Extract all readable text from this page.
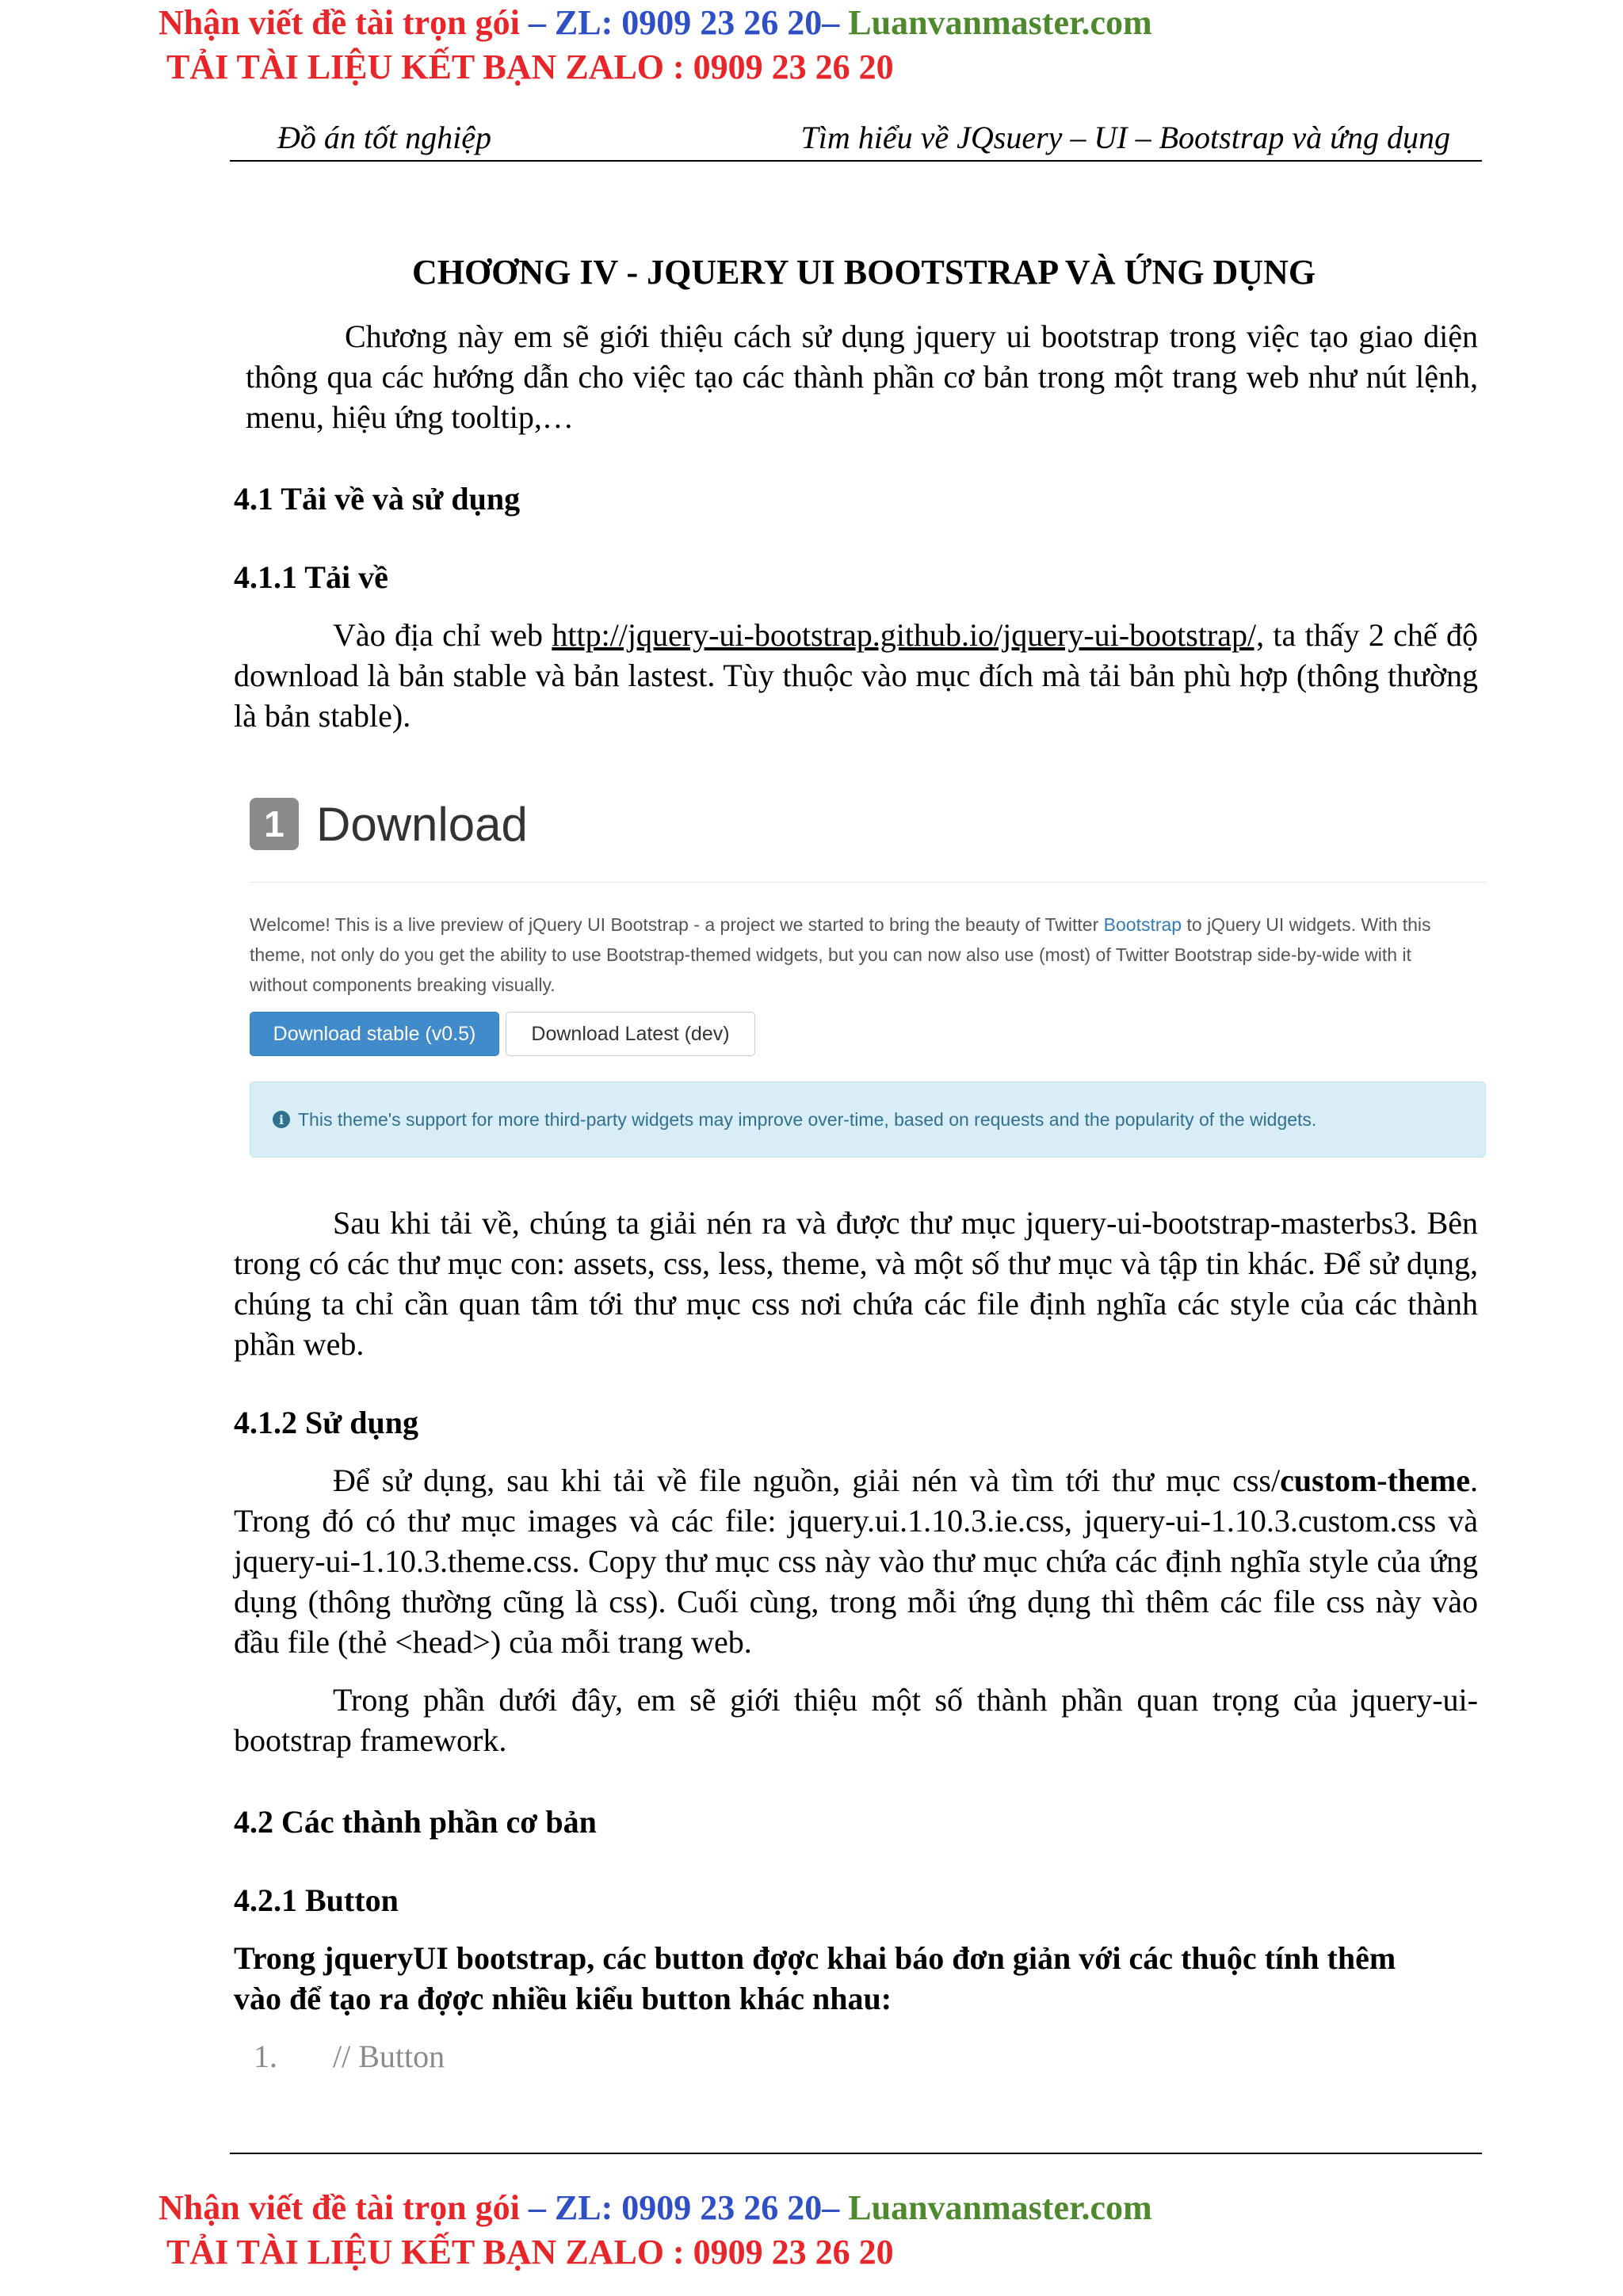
Nhận viết đề tài trọn gói – ZL: 0909 23 26 20– Luanvanmaster.com
TẢI TÀI LIỆU KẾT BẠN ZALO : 0909 23 26 20
Đồ án tốt nghiệp	Tìm hiểu về JQsuery – UI – Bootstrap và ứng dụng
CHƠƠNG IV - JQUERY UI BOOTSTRAP VÀ ỨNG DỤNG

Chương này em sẽ giới thiệu cách sử dụng jquery ui bootstrap trong việc tạo giao diện thông qua các hướng dẫn cho việc tạo các thành phần cơ bản trong một trang web như nút lệnh, menu, hiệu ứng tooltip,…

4.1 Tải về và sử dụng
4.1.1 Tải về

Vào địa chỉ web http://jquery-ui-bootstrap.github.io/jquery-ui-bootstrap/, ta thấy 2 chế độ download là bản stable và bản lastest. Tùy thuộc vào mục đích mà tải bản phù hợp (thông thường là bản stable).

1 Download
Welcome! This is a live preview of jQuery UI Bootstrap - a project we started to bring the beauty of Twitter Bootstrap to jQuery UI widgets. With this theme, not only do you get the ability to use Bootstrap-themed widgets, but you can now also use (most) of Twitter Bootstrap side-by-wide with it without components breaking visually.
Download stable (v0.5)	Download Latest (dev)
i This theme's support for more third-party widgets may improve over-time, based on requests and the popularity of the widgets.

Sau khi tải về, chúng ta giải nén ra và được thư mục jquery-ui-bootstrap-masterbs3. Bên trong có các thư mục con: assets, css, less, theme, và một số thư mục và tập tin khác. Để sử dụng, chúng ta chỉ cần quan tâm tới thư mục css nơi chứa các file định nghĩa các style của các thành phần web.

4.1.2 Sử dụng

Để sử dụng, sau khi tải về file nguồn, giải nén và tìm tới thư mục css/custom-theme. Trong đó có thư mục images và các file: jquery.ui.1.10.3.ie.css, jquery-ui-1.10.3.custom.css và jquery-ui-1.10.3.theme.css. Copy thư mục css này vào thư mục chứa các định nghĩa style của ứng dụng (thông thường cũng là css). Cuối cùng, trong mỗi ứng dụng thì thêm các file css này vào đầu file (thẻ <head>) của mỗi trang web.

Trong phần dưới đây, em sẽ giới thiệu một số thành phần quan trọng của jquery-ui-bootstrap framework.

4.2 Các thành phần cơ bản
4.2.1 Button

Trong jqueryUI bootstrap, các button đợợc khai báo đơn giản với các thuộc tính thêm vào để tạo ra đợợc nhiều kiểu button khác nhau:

1. // Button
Nhận viết đề tài trọn gói – ZL: 0909 23 26 20– Luanvanmaster.com
TẢI TÀI LIỆU KẾT BẠN ZALO : 0909 23 26 20
